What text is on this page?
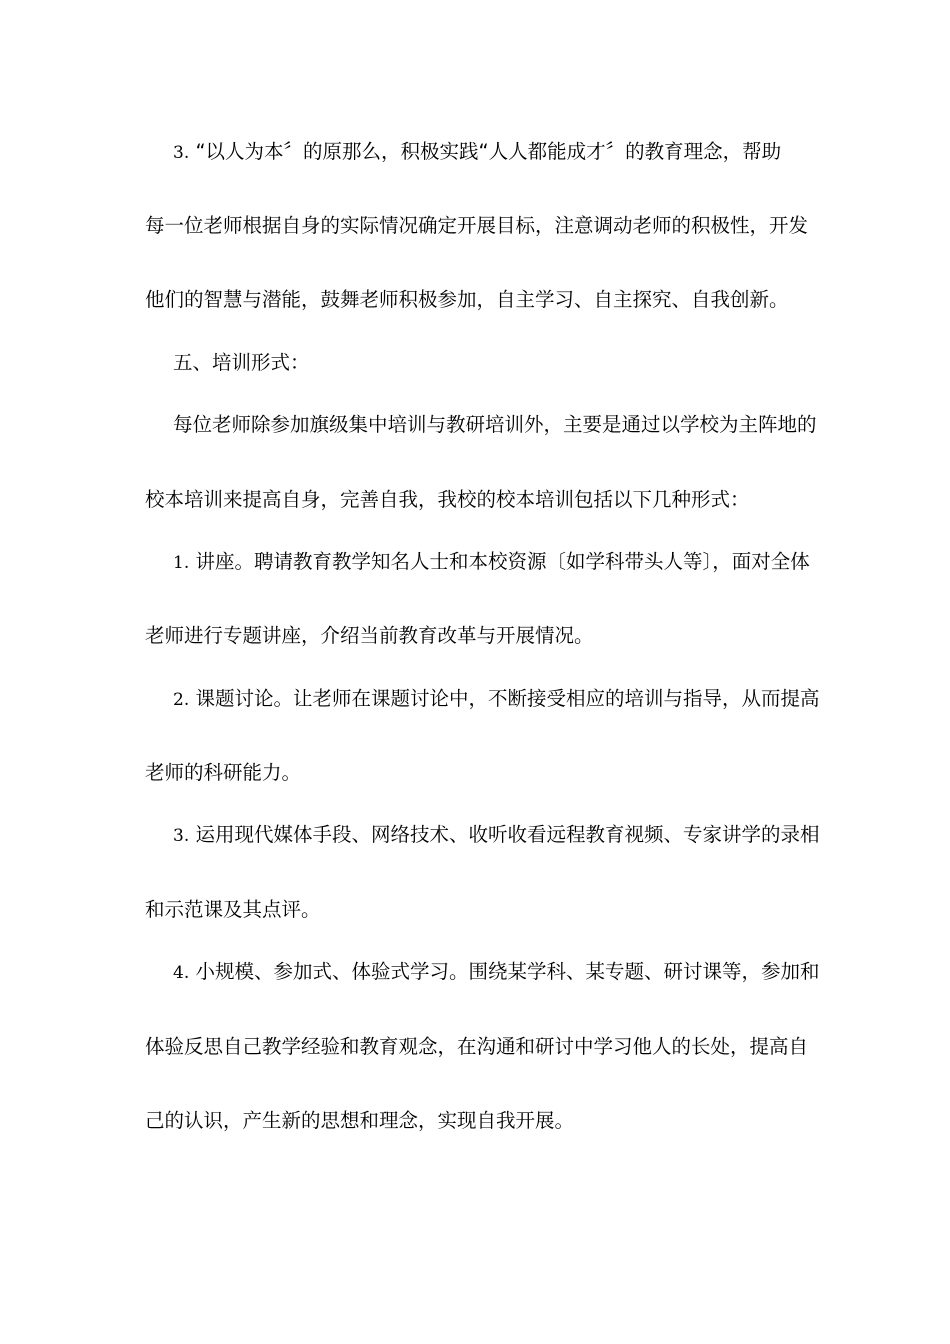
3. “以人为本〞的原那么，积极实践“人人都能成才〞的教育理念，帮助
每一位老师根据自身的实际情况确定开展目标，注意调动老师的积极性，开发
他们的智慧与潜能，鼓舞老师积极参加，自主学习、自主探究、自我创新。
五、培训形式：
每位老师除参加旗级集中培训与教研培训外，主要是通过以学校为主阵地的
校本培训来提高自身，完善自我，我校的校本培训包括以下几种形式：
1. 讲座。聘请教育教学知名人士和本校资源〔如学科带头人等〕，面对全体
老师进行专题讲座，介绍当前教育改革与开展情况。
2. 课题讨论。让老师在课题讨论中，不断接受相应的培训与指导，从而提高
老师的科研能力。
3. 运用现代媒体手段、网络技术、收听收看远程教育视频、专家讲学的录相
和示范课及其点评。
4. 小规模、参加式、体验式学习。围绕某学科、某专题、研讨课等，参加和
体验反思自己教学经验和教育观念，在沟通和研讨中学习他人的长处，提高自
己的认识，产生新的思想和理念，实现自我开展。
